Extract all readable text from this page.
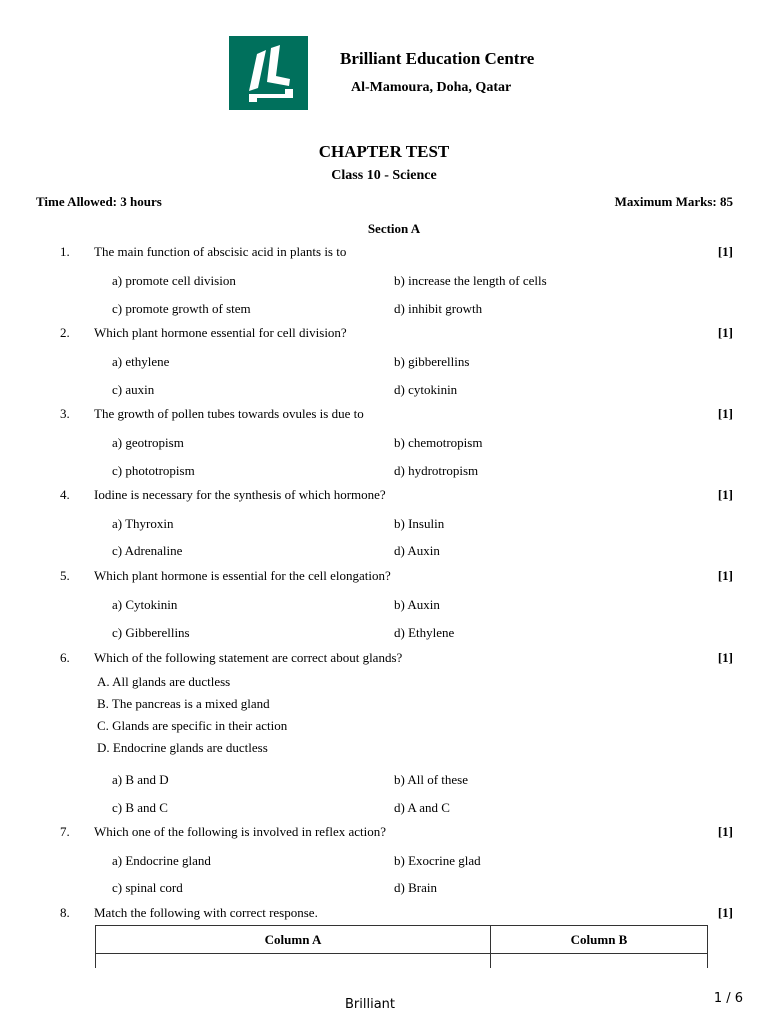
Brilliant Education Centre
Al-Mamoura, Doha, Qatar
CHAPTER TEST
Class 10 - Science
Time Allowed: 3 hours	Maximum Marks: 85
Section A
1. The main function of abscisic acid in plants is to	[1]
a) promote cell division	b) increase the length of cells
c) promote growth of stem	d) inhibit growth
2. Which plant hormone essential for cell division?	[1]
a) ethylene	b) gibberellins
c) auxin	d) cytokinin
3. The growth of pollen tubes towards ovules is due to	[1]
a) geotropism	b) chemotropism
c) phototropism	d) hydrotropism
4. Iodine is necessary for the synthesis of which hormone?	[1]
a) Thyroxin	b) Insulin
c) Adrenaline	d) Auxin
5. Which plant hormone is essential for the cell elongation?	[1]
a) Cytokinin	b) Auxin
c) Gibberellins	d) Ethylene
6. Which of the following statement are correct about glands?	[1]
A. All glands are ductless
B. The pancreas is a mixed gland
C. Glands are specific in their action
D. Endocrine glands are ductless
a) B and D	b) All of these
c) B and C	d) A and C
7. Which one of the following is involved in reflex action?	[1]
a) Endocrine gland	b) Exocrine glad
c) spinal cord	d) Brain
8. Match the following with correct response.	[1]
Column A	Column B

Brilliant	1 / 6
